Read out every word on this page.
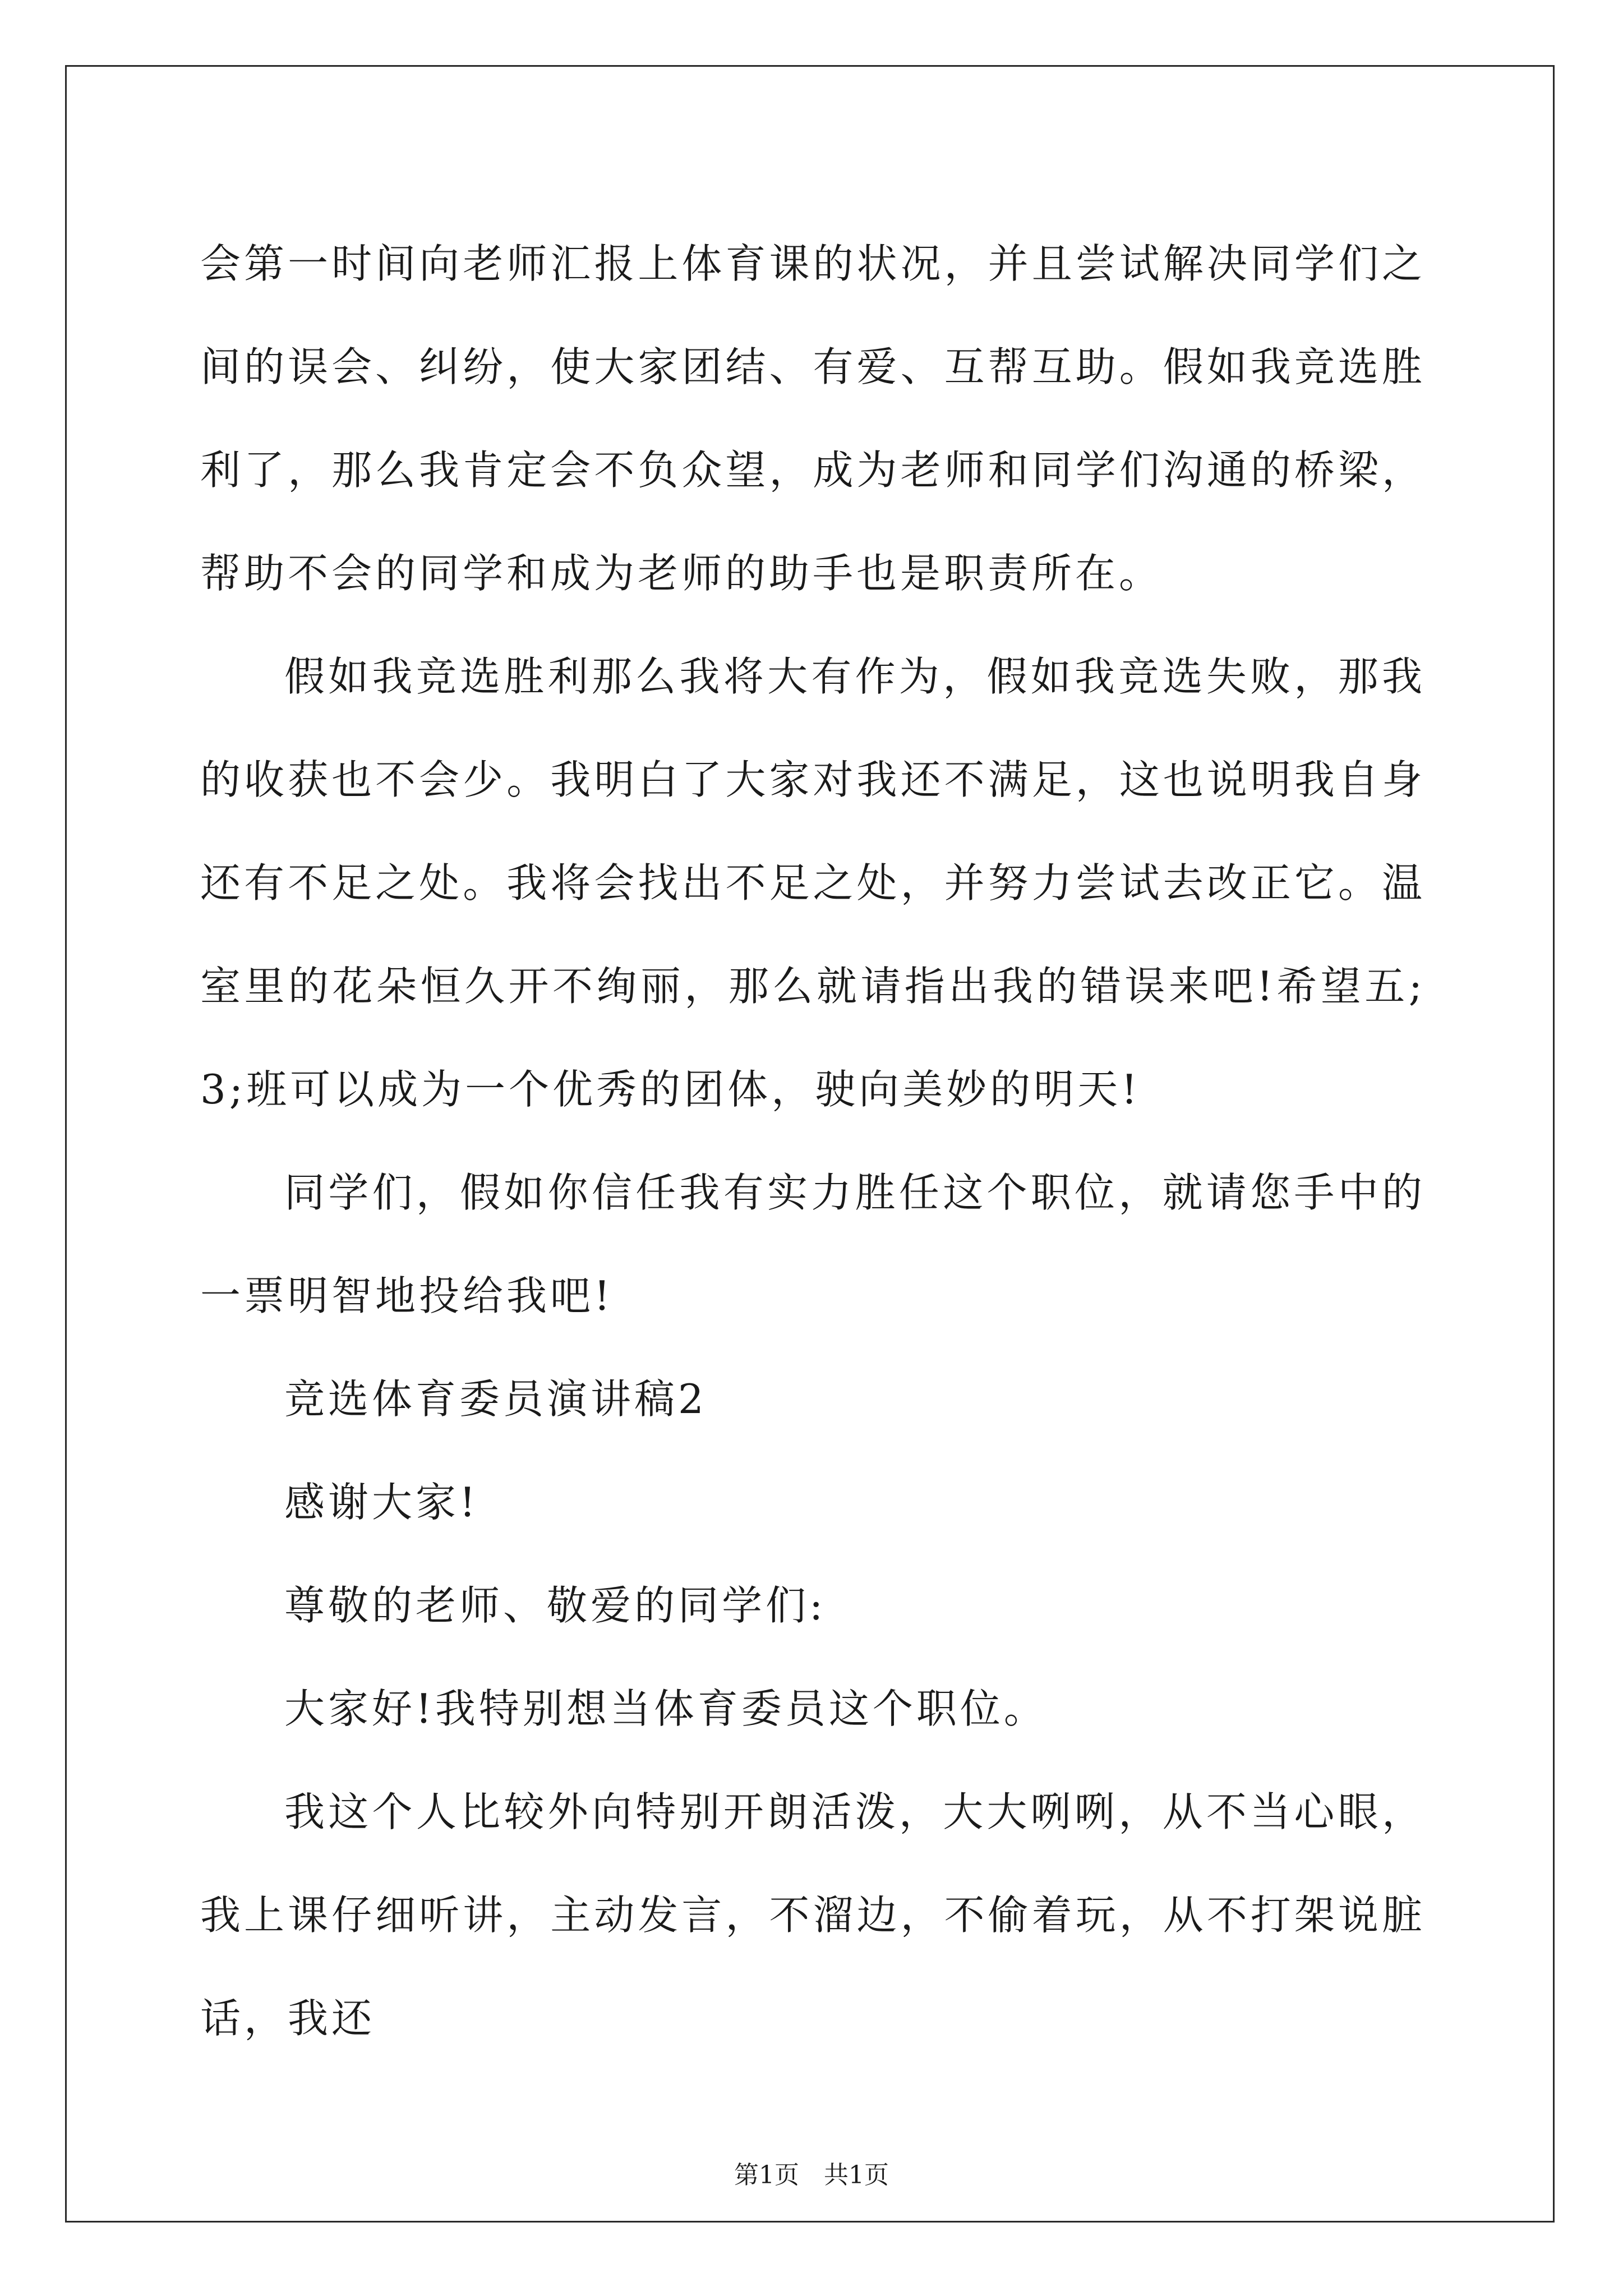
会第一时间向老师汇报上体育课的状况，并且尝试解决同学们之间的误会、纠纷，使大家团结、有爱、互帮互助。假如我竞选胜利了，那么我肯定会不负众望，成为老师和同学们沟通的桥梁，帮助不会的同学和成为老师的助手也是职责所在。

假如我竞选胜利那么我将大有作为，假如我竞选失败，那我的收获也不会少。我明白了大家对我还不满足，这也说明我自身还有不足之处。我将会找出不足之处，并努力尝试去改正它。温室里的花朵恒久开不绚丽，那么就请指出我的错误来吧!希望五;3;班可以成为一个优秀的团体，驶向美妙的明天!

同学们，假如你信任我有实力胜任这个职位，就请您手中的一票明智地投给我吧!

竞选体育委员演讲稿2

感谢大家!

尊敬的老师、敬爱的同学们:

大家好!我特别想当体育委员这个职位。

我这个人比较外向特别开朗活泼，大大咧咧，从不当心眼，我上课仔细听讲，主动发言，不溜边，不偷着玩，从不打架说脏话，我还

第1页 共1页
